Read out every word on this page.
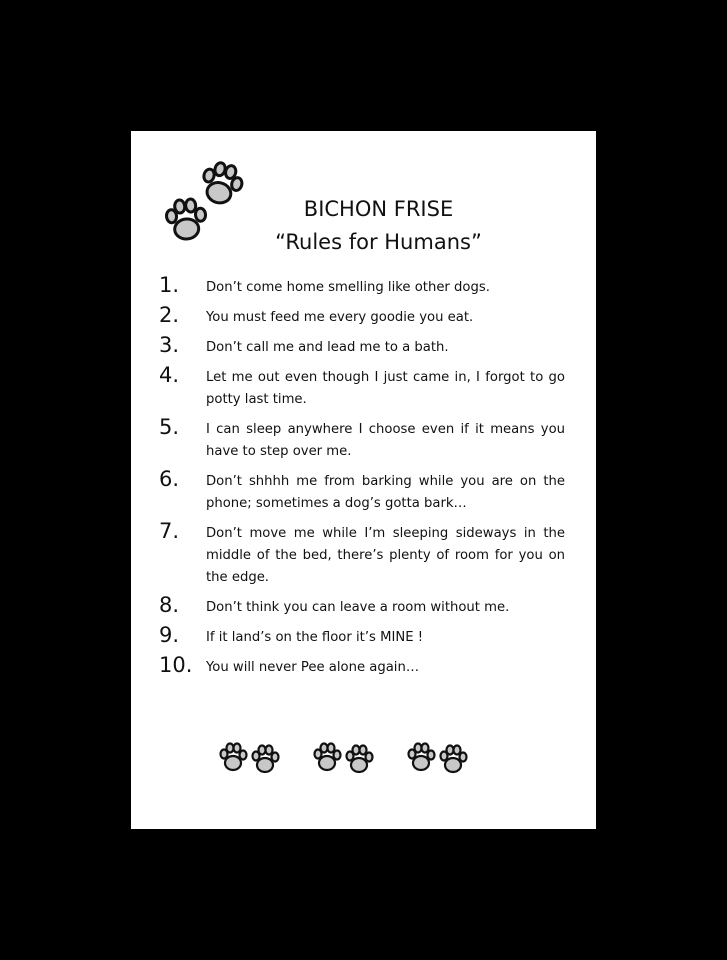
BICHON FRISE
“Rules for Humans”
1.	Don’t come home smelling like other dogs.
2.	You must feed me every goodie you eat.
3.	Don’t call me and lead me to a bath.
4.	Let me out even though I just came in, I forgot to go potty last time.
5.	I can sleep anywhere I choose even if it means you have to step over me.
6.	Don’t shhhh me from barking while you are on the phone; sometimes a dog’s gotta bark…
7.	Don’t move me while I’m sleeping sideways in the middle of the bed, there’s plenty of room for you on the edge.
8.	Don’t think you can leave a room without me.
9.	If it land’s on the floor it’s MINE !
10.	You will never Pee alone again…
